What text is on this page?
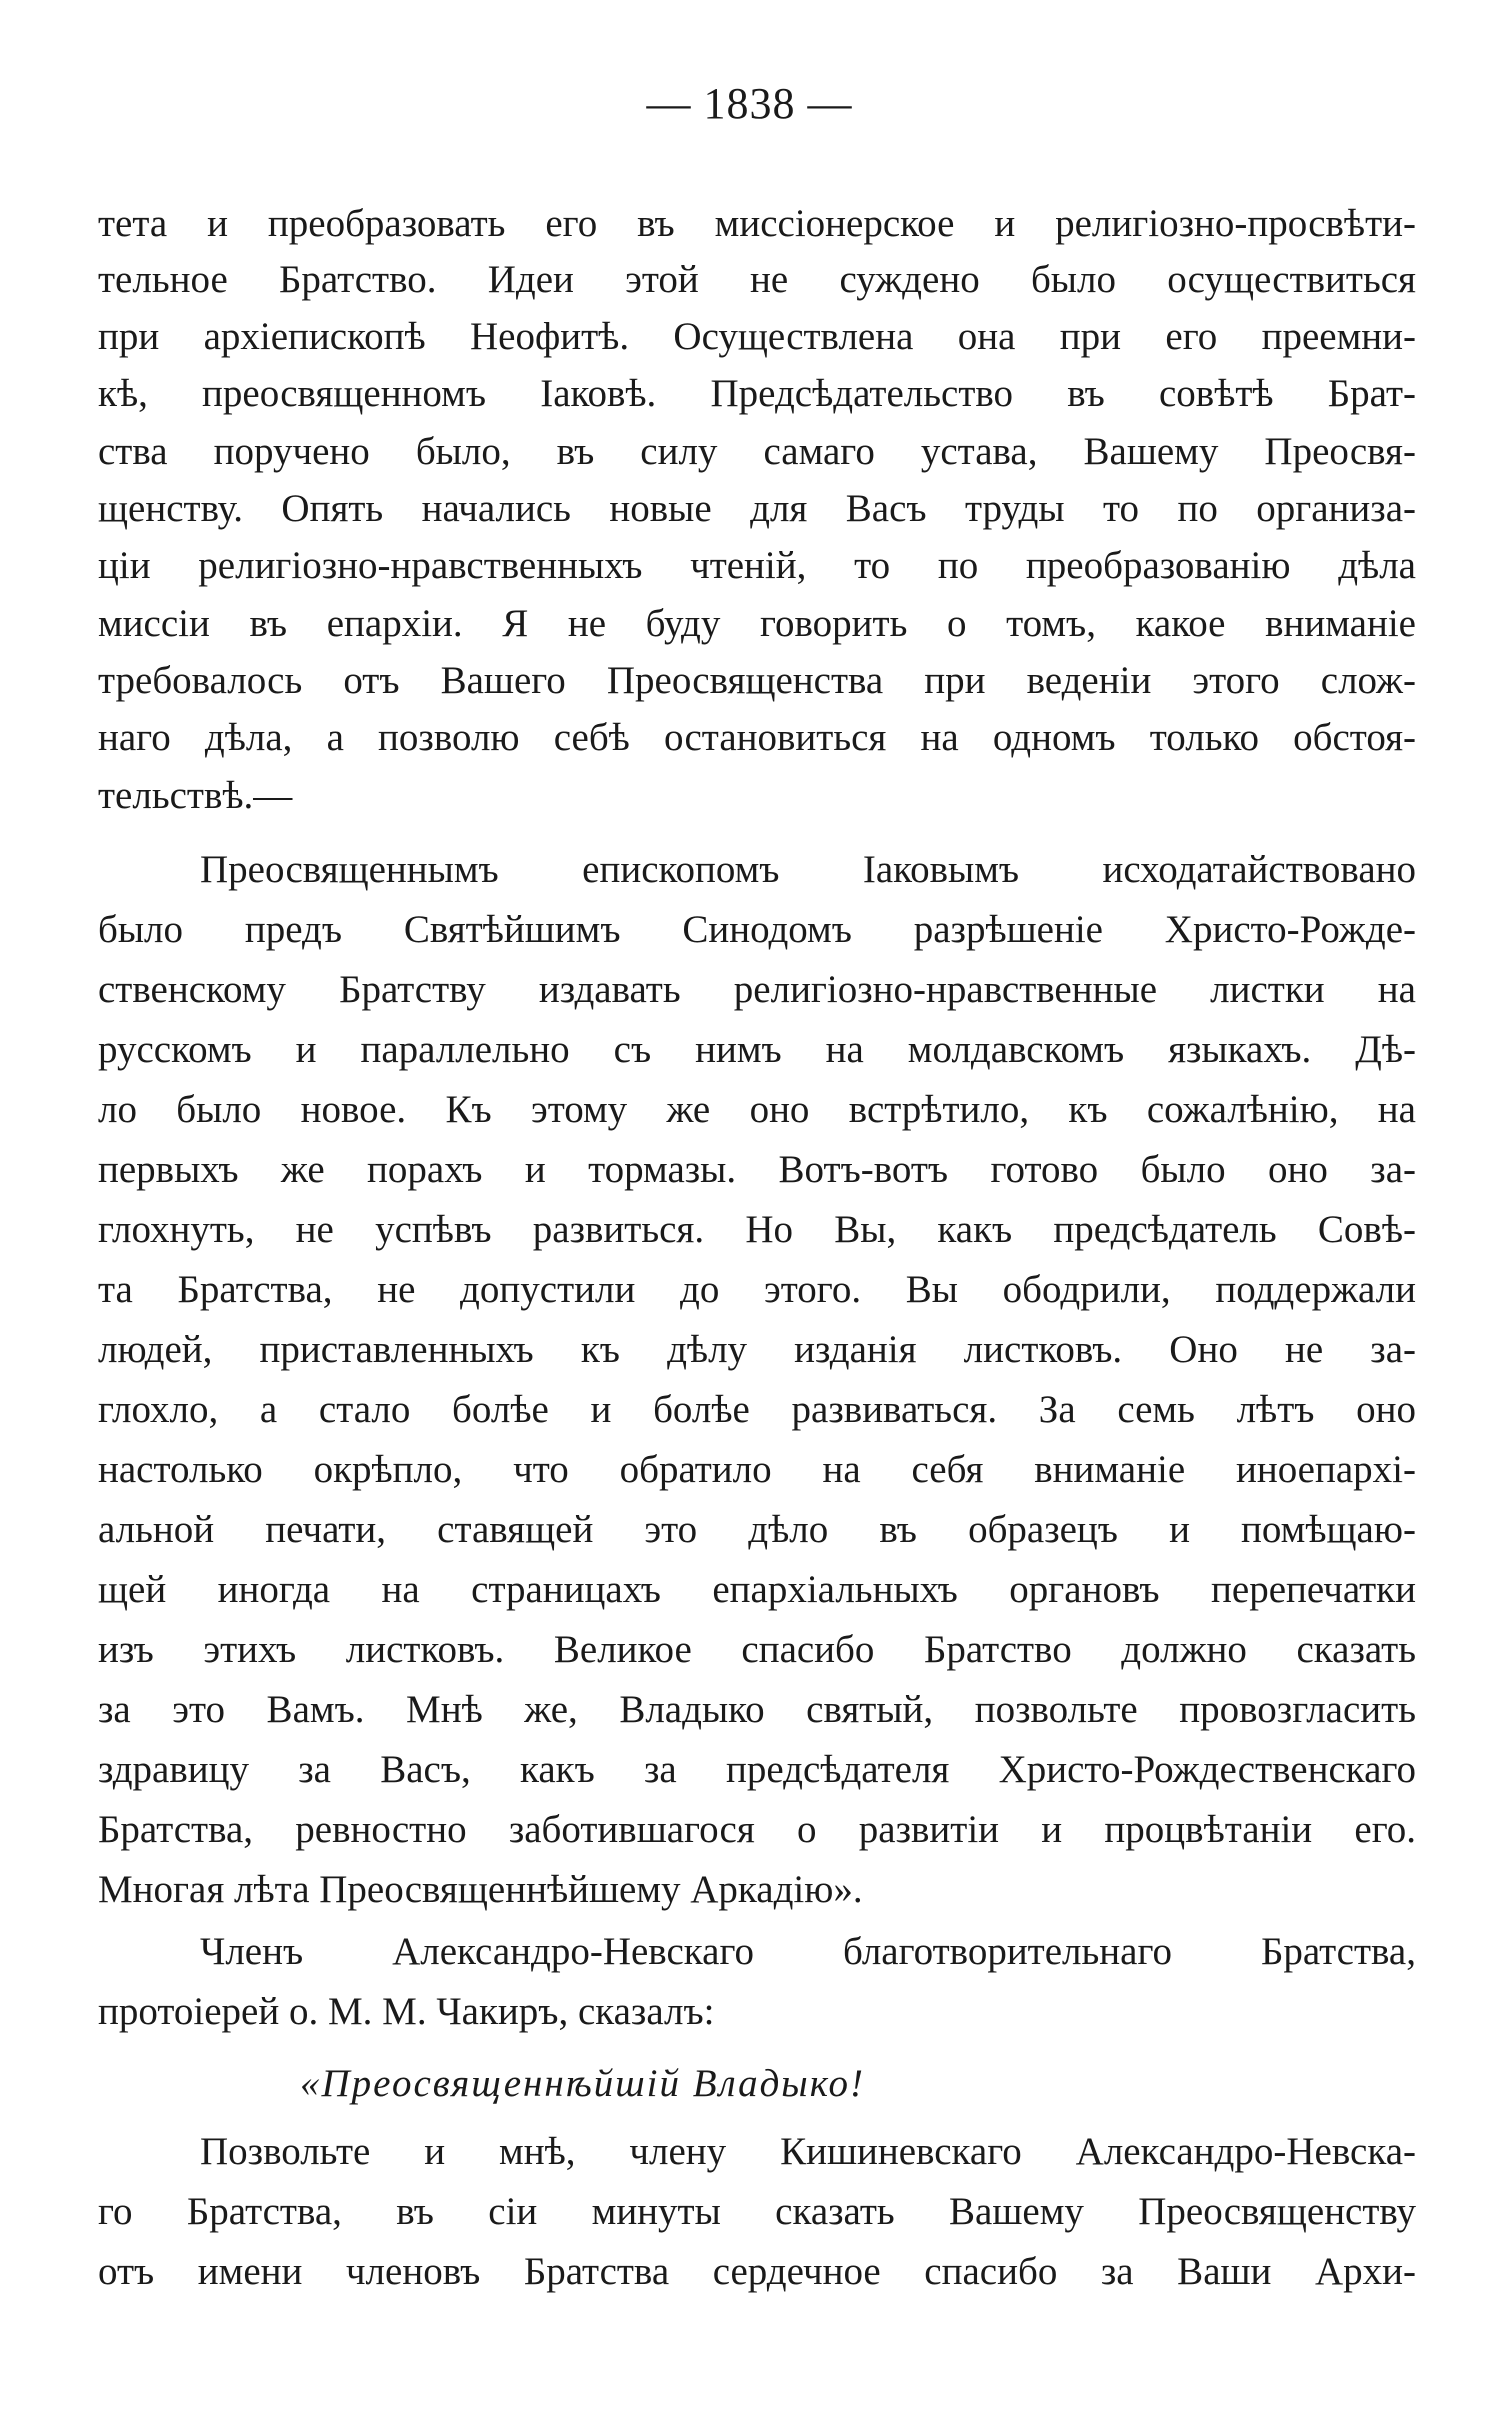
— 1838 —
тета и преобразовать его въ миссіонерское и религіозно-просвѣти-
тельное Братство. Идеи этой не суждено было осуществиться
при архіепископѣ Неофитѣ. Осуществлена она при его преемни-
кѣ, преосвященномъ Іаковѣ. Предсѣдательство въ совѣтѣ Брат-
ства поручено было, въ силу самаго устава, Вашему Преосвя-
щенству. Опять начались новые для Васъ труды то по организа-
ціи религіозно-нравственныхъ чтеній, то по преобразованію дѣла
миссіи въ епархіи. Я не буду говорить о томъ, какое вниманіе
требовалось отъ Вашего Преосвященства при веденіи этого слож-
наго дѣла, а позволю себѣ остановиться на одномъ только обстоя-
тельствѣ.—
Преосвященнымъ епископомъ Іаковымъ исходатайствовано
было предъ Святѣйшимъ Синодомъ разрѣшеніе Христо-Рожде-
ственскому Братству издавать религіозно-нравственные листки на
русскомъ и параллельно съ нимъ на молдавскомъ языкахъ. Дѣ-
ло было новое. Къ этому же оно встрѣтило, къ сожалѣнію, на
первыхъ же порахъ и тормазы. Вотъ-вотъ готово было оно за-
глохнуть, не успѣвъ развиться. Но Вы, какъ предсѣдатель Совѣ-
та Братства, не допустили до этого. Вы ободрили, поддержали
людей, приставленныхъ къ дѣлу изданія листковъ. Оно не за-
глохло, а стало болѣе и болѣе развиваться. За семь лѣтъ оно
настолько окрѣпло, что обратило на себя вниманіе иноепархі-
альной печати, ставящей это дѣло въ образецъ и помѣщаю-
щей иногда на страницахъ епархіальныхъ органовъ перепечатки
изъ этихъ листковъ. Великое спасибо Братство должно сказать
за это Вамъ. Мнѣ же, Владыко святый, позвольте провозгласить
здравицу за Васъ, какъ за предсѣдателя Христо-Рождественскаго
Братства, ревностно заботившагося о развитіи и процвѣтаніи его.
Многая лѣта Преосвященнѣйшему Аркадію».
Членъ Александро-Невскаго благотворительнаго Братства,
протоіерей о. М. М. Чакиръ, сказалъ:
«Преосвященнѣйшій Владыко!
Позвольте и мнѣ, члену Кишиневскаго Александро-Невска-
го Братства, въ сіи минуты сказать Вашему Преосвященству
отъ имени членовъ Братства сердечное спасибо за Ваши Архи-
